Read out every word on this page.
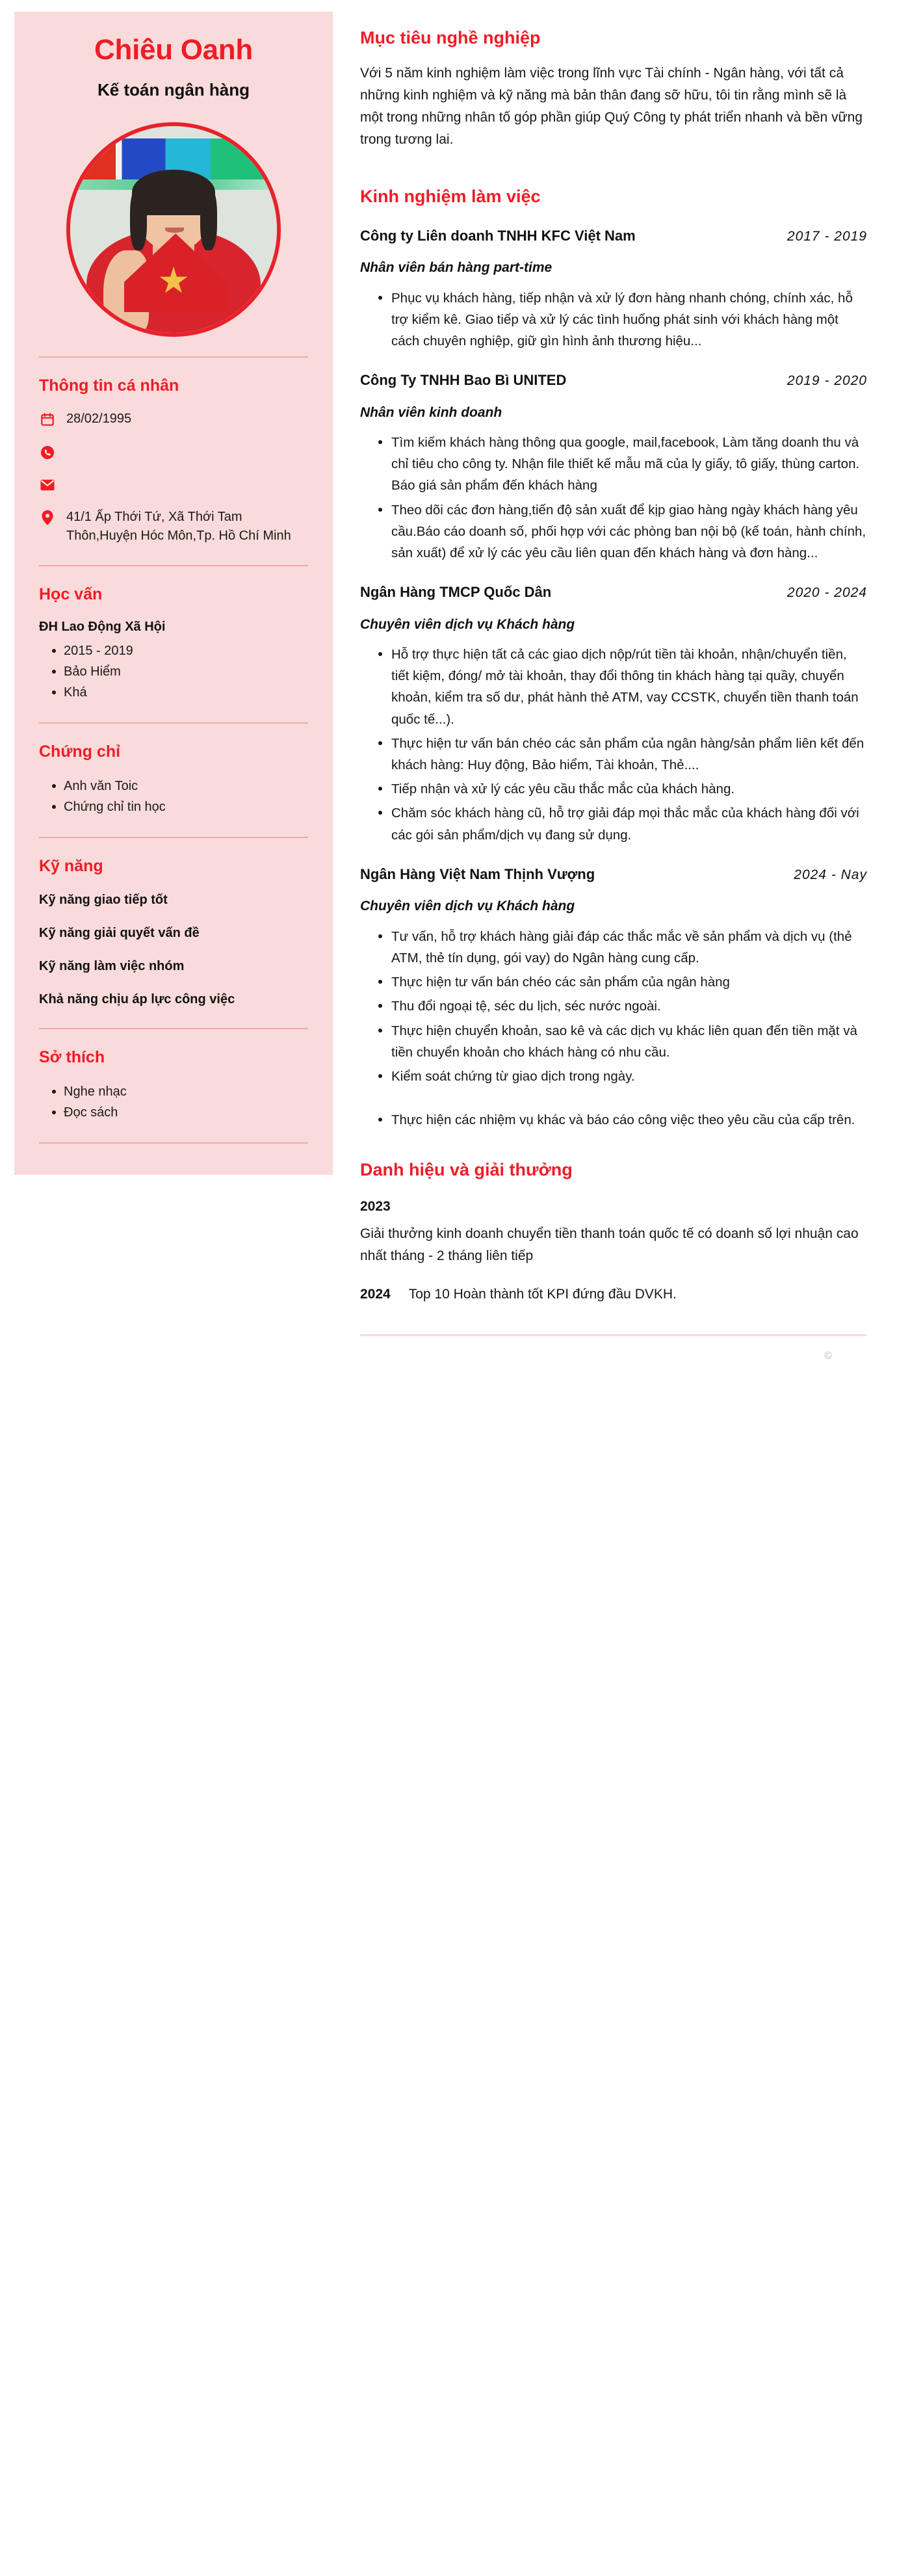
Chiêu Oanh
Kế toán ngân hàng
Thông tin cá nhân
28/02/1995
41/1 Ấp Thới Tứ, Xã Thới Tam Thôn,Huyện Hóc Môn,Tp. Hồ Chí Minh
Học vấn
ĐH Lao Động Xã Hội
2015 - 2019
Bảo Hiểm
Khá
Chứng chỉ
Anh văn Toic
Chứng chỉ tin học
Kỹ năng
Kỹ năng giao tiếp tốt
Kỹ năng giải quyết vấn đề
Kỹ năng làm việc nhóm
Khả năng chịu áp lực công việc
Sở thích
Nghe nhạc
Đọc sách
Mục tiêu nghề nghiệp

Với 5 năm kinh nghiệm làm việc trong lĩnh vực Tài chính - Ngân hàng, với tất cả những kinh nghiệm và kỹ năng mà bản thân đang sỡ hữu, tôi tin rằng mình sẽ là một trong những nhân tố góp phần giúp Quý Công ty phát triển nhanh và bền vững trong tương lai.

Kinh nghiệm làm việc
Công ty Liên doanh TNHH KFC Việt Nam	2017 - 2019
Nhân viên bán hàng part-time
Phục vụ khách hàng, tiếp nhận và xử lý đơn hàng nhanh chóng, chính xác, hỗ trợ kiểm kê. Giao tiếp và xử lý các tình huống phát sinh với khách hàng một cách chuyên nghiệp, giữ gìn hình ảnh thương hiệu...
Công Ty TNHH Bao Bì UNITED	2019 - 2020
Nhân viên kinh doanh
Tìm kiếm khách hàng thông qua google, mail,facebook, Làm tăng doanh thu và chỉ tiêu cho công ty. Nhận file thiết kế mẫu mã của ly giấy, tô giấy, thùng carton. Báo giá sản phẩm đến khách hàng
Theo dõi các đơn hàng,tiến độ sản xuất để kịp giao hàng ngày khách hàng yêu cầu.Báo cáo doanh số, phối hợp với các phòng ban nội bộ (kế toán, hành chính, sản xuất) để xử lý các yêu cầu liên quan đến khách hàng và đơn hàng...
Ngân Hàng TMCP Quốc Dân	2020 - 2024
Chuyên viên dịch vụ Khách hàng
Hỗ trợ thực hiện tất cả các giao dịch nộp/rút tiền tài khoản, nhận/chuyển tiền, tiết kiệm, đóng/ mở tài khoản, thay đổi thông tin khách hàng tại quầy, chuyển khoản, kiểm tra số dư, phát hành thẻ ATM, vay CCSTK, chuyển tiền thanh toán quốc tế...).
Thực hiện tư vấn bán chéo các sản phẩm của ngân hàng/sản phẩm liên kết đến khách hàng: Huy động, Bảo hiểm, Tài khoản, Thẻ....
Tiếp nhận và xử lý các yêu cầu thắc mắc của khách hàng.
Chăm sóc khách hàng cũ, hỗ trợ giải đáp mọi thắc mắc của khách hàng đối với các gói sản phẩm/dịch vụ đang sử dụng.
Ngân Hàng Việt Nam Thịnh Vượng	2024 - Nay
Chuyên viên dịch vụ Khách hàng
Tư vấn, hỗ trợ khách hàng giải đáp các thắc mắc về sản phẩm và dịch vụ (thẻ ATM, thẻ tín dụng, gói vay) do Ngân hàng cung cấp.
Thực hiện tư vấn bán chéo các sản phẩm của ngân hàng
Thu đổi ngoại tệ, séc du lịch, séc nước ngoài.
Thực hiện chuyển khoản, sao kê và các dịch vụ khác liên quan đến tiền mặt và tiền chuyển khoản cho khách hàng có nhu cầu.
Kiểm soát chứng từ giao dịch trong ngày.
Thực hiện các nhiệm vụ khác và báo cáo công việc theo yêu cầu của cấp trên.
Danh hiệu và giải thưởng
2023
Giải thưởng kinh doanh chuyển tiền thanh toán quốc tế có doanh số lợi nhuận cao nhất tháng - 2 tháng liên tiếp
2024 Top 10 Hoàn thành tốt KPI đứng đầu DVKH.
©
